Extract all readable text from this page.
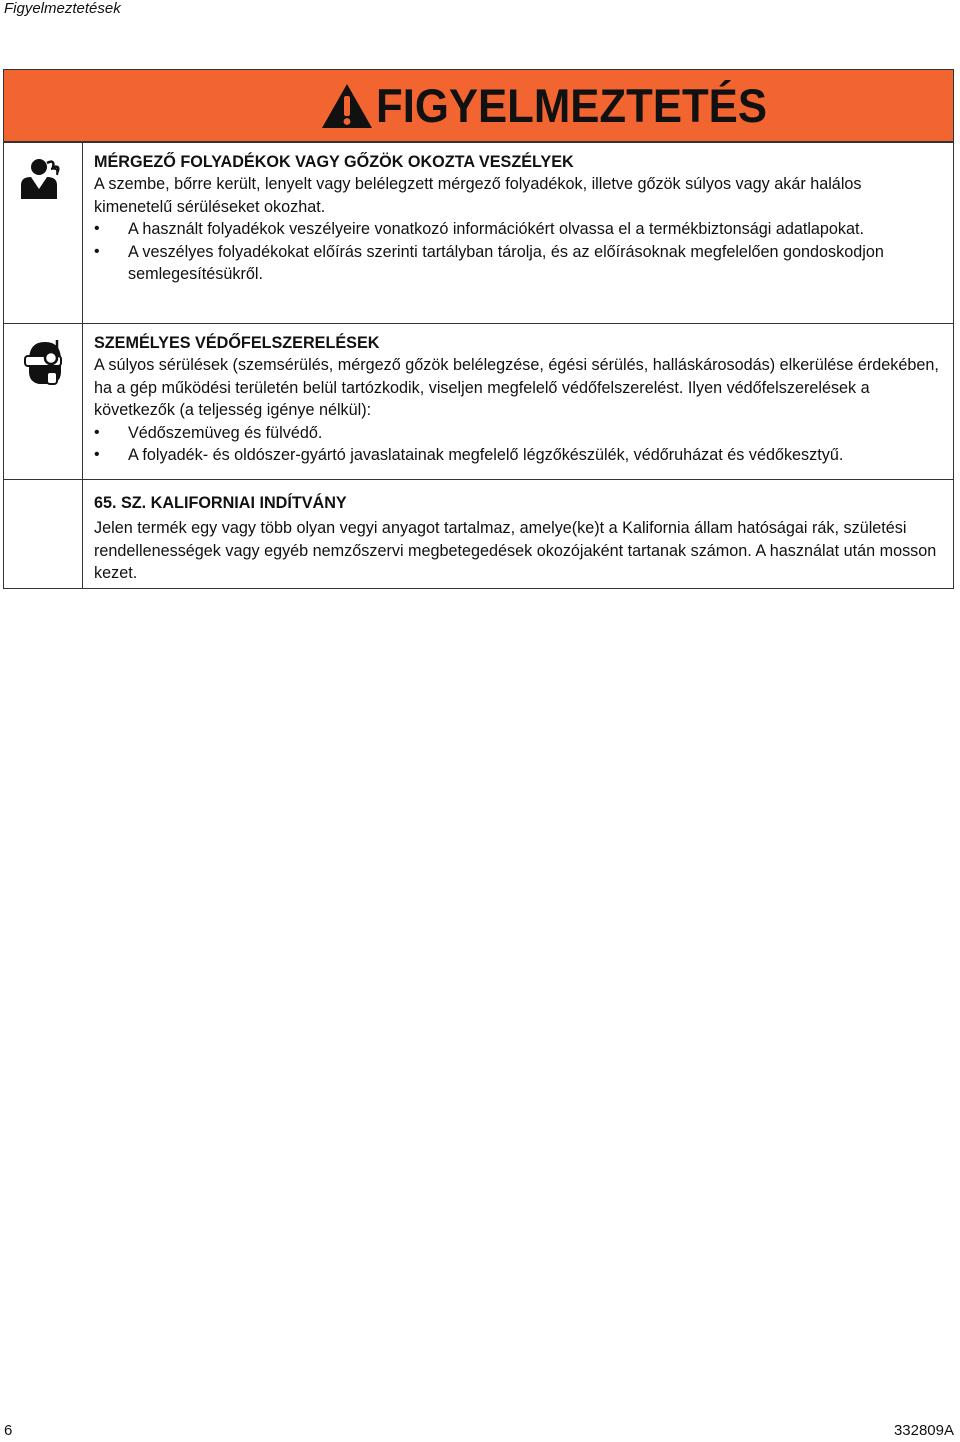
Figyelmeztetések
FIGYELMEZTETÉS
MÉRGEZŐ FOLYADÉKOK VAGY GŐZÖK OKOZTA VESZÉLYEK

A szembe, bőrre került, lenyelt vagy belélegzett mérgező folyadékok, illetve gőzök súlyos vagy akár halálos kimenetelű sérüléseket okozhat.

• A használt folyadékok veszélyeire vonatkozó információkért olvassa el a termékbiztonsági adatlapokat.
• A veszélyes folyadékokat előírás szerinti tartályban tárolja, és az előírásoknak megfelelően gondoskodjon semlegesítésükről.
SZEMÉLYES VÉDŐFELSZERELÉSEK

A súlyos sérülések (szemsérülés, mérgező gőzök belélegzése, égési sérülés, halláskárosodás) elkerülése érdekében, ha a gép működési területén belül tartózkodik, viseljen megfelelő védőfelszerelést. Ilyen védőfelszerelések a következők (a teljesség igénye nélkül):

• Védőszemüveg és fülvédő.
• A folyadék- és oldószer-gyártó javaslatainak megfelelő légzőkészülék, védőruházat és védőkesztyű.
65. SZ. KALIFORNIAI INDÍTVÁNY

Jelen termék egy vagy több olyan vegyi anyagot tartalmaz, amelye(ke)t a Kalifornia állam hatóságai rák, születési rendellenességek vagy egyéb nemzőszervi megbetegedések okozójaként tartanak számon. A használat után mosson kezet.

6	332809A
